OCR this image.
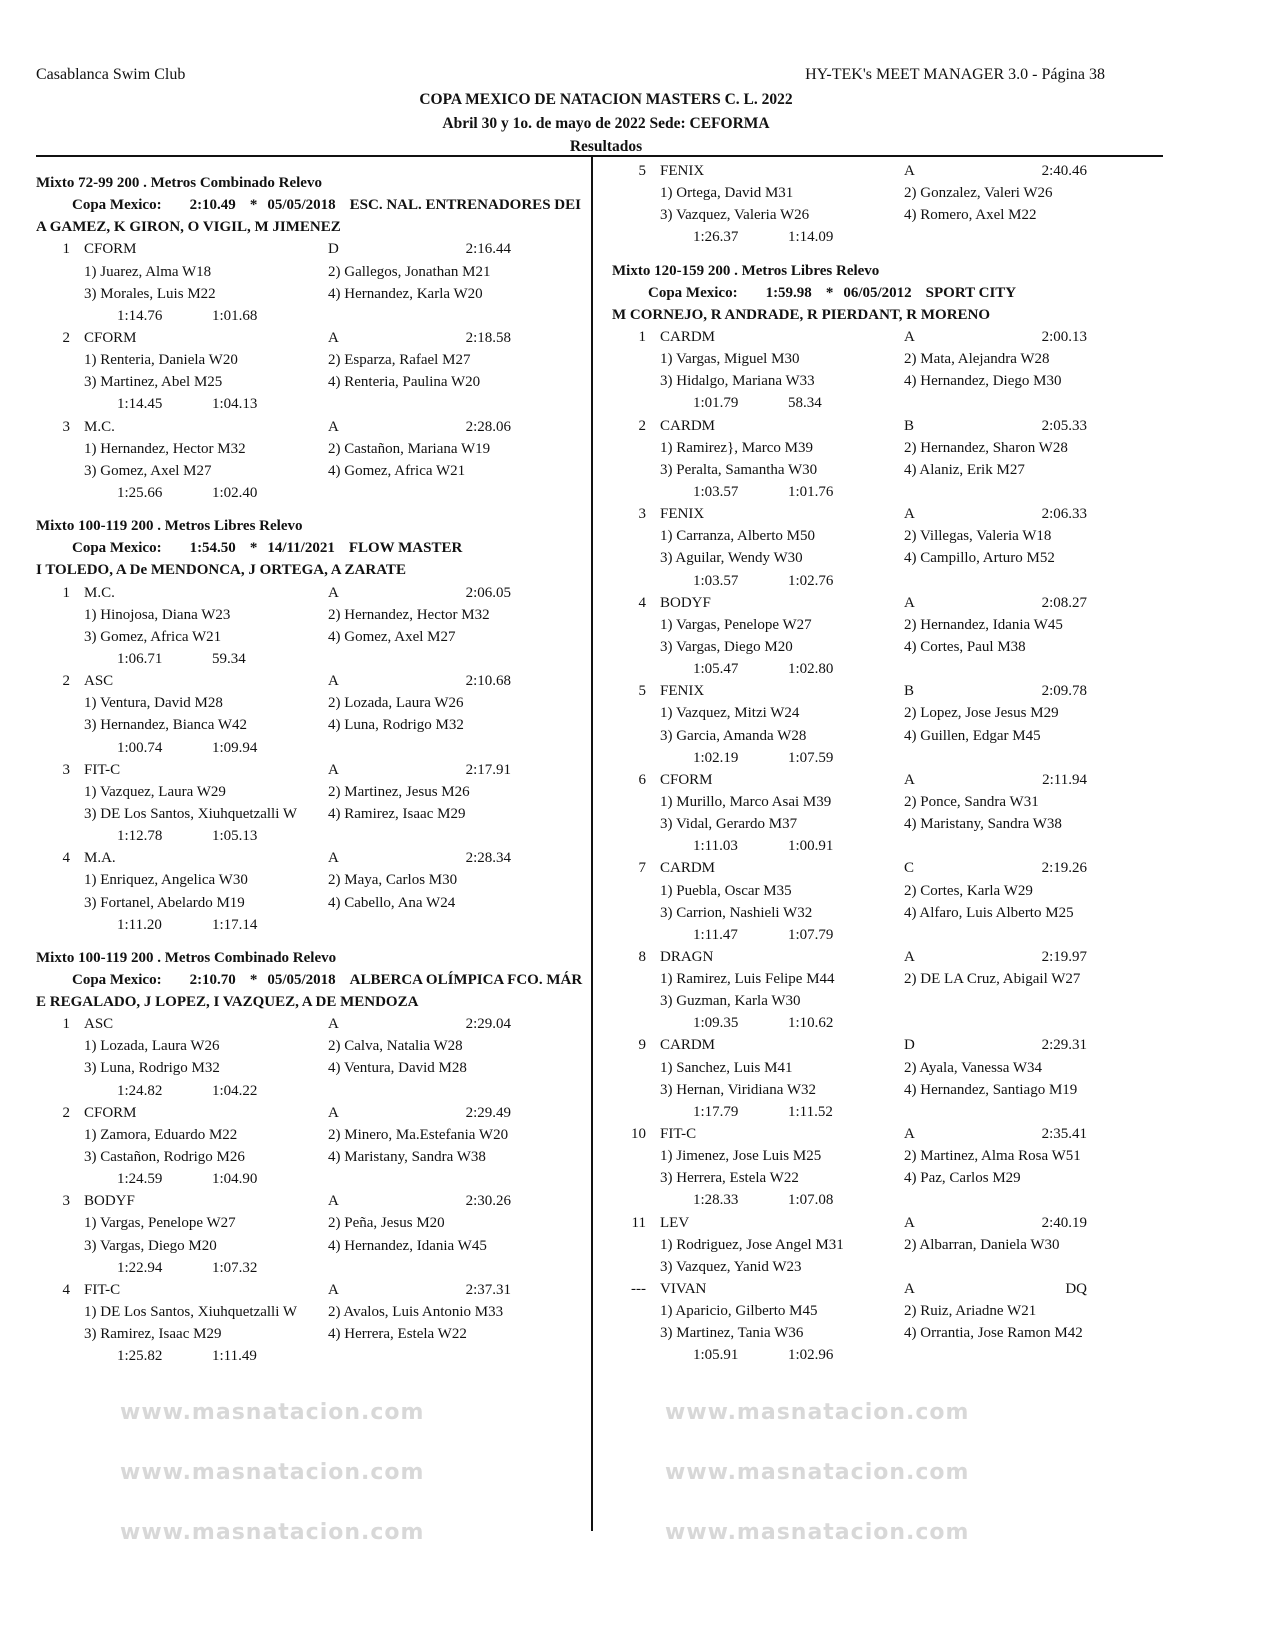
Casablanca Swim Club	HY-TEK's MEET MANAGER 3.0 - Página 38
COPA MEXICO DE NATACION MASTERS C. L. 2022
Abril 30 y 1o. de mayo de 2022 Sede: CEFORMA
Resultados
www.masnatacion.com
www.masnatacion.com
www.masnatacion.com
www.masnatacion.com
www.masnatacion.com
www.masnatacion.com
Mixto 72-99 200 . Metros Combinado Relevo
Copa Mexico: 2:10.49 * 05/05/2018 ESC. NAL. ENTRENADORES DEI
A GAMEZ, K GIRON, O VIGIL, M JIMENEZ
1 CFORM	D	2:16.44
1) Juarez, Alma W18	2) Gallegos, Jonathan M21
3) Morales, Luis M22	4) Hernandez, Karla W20
1:14.76	1:01.68
2 CFORM	A	2:18.58
1) Renteria, Daniela W20	2) Esparza, Rafael M27
3) Martinez, Abel M25	4) Renteria, Paulina W20
1:14.45	1:04.13
3 M.C.	A	2:28.06
1) Hernandez, Hector M32	2) Castañon, Mariana W19
3) Gomez, Axel M27	4) Gomez, Africa W21
1:25.66	1:02.40
Mixto 100-119 200 . Metros Libres Relevo
Copa Mexico: 1:54.50 * 14/11/2021 FLOW MASTER
I TOLEDO, A De MENDONCA, J ORTEGA, A ZARATE
1 M.C.	A	2:06.05
1) Hinojosa, Diana W23	2) Hernandez, Hector M32
3) Gomez, Africa W21	4) Gomez, Axel M27
1:06.71	59.34
2 ASC	A	2:10.68
1) Ventura, David M28	2) Lozada, Laura W26
3) Hernandez, Bianca W42	4) Luna, Rodrigo M32
1:00.74	1:09.94
3 FIT-C	A	2:17.91
1) Vazquez, Laura W29	2) Martinez, Jesus M26
3) DE Los Santos, Xiuhquetzalli W 4) Ramirez, Isaac M29
1:12.78	1:05.13
4 M.A.	A	2:28.34
1) Enriquez, Angelica W30	2) Maya, Carlos M30
3) Fortanel, Abelardo M19	4) Cabello, Ana W24
1:11.20	1:17.14
Mixto 100-119 200 . Metros Combinado Relevo
Copa Mexico: 2:10.70 * 05/05/2018 ALBERCA OLÍMPICA FCO. MÁR
E REGALADO, J LOPEZ, I VAZQUEZ, A DE MENDOZA
1 ASC	A	2:29.04
1) Lozada, Laura W26	2) Calva, Natalia W28
3) Luna, Rodrigo M32	4) Ventura, David M28
1:24.82	1:04.22
2 CFORM	A	2:29.49
1) Zamora, Eduardo M22	2) Minero, Ma.Estefania W20
3) Castañon, Rodrigo M26	4) Maristany, Sandra W38
1:24.59	1:04.90
3 BODYF	A	2:30.26
1) Vargas, Penelope W27	2) Peña, Jesus M20
3) Vargas, Diego M20	4) Hernandez, Idania W45
1:22.94	1:07.32
4 FIT-C	A	2:37.31
1) DE Los Santos, Xiuhquetzalli W 2) Avalos, Luis Antonio M33
3) Ramirez, Isaac M29	4) Herrera, Estela W22
1:25.82	1:11.49
5 FENIX	A	2:40.46
1) Ortega, David M31	2) Gonzalez, Valeri W26
3) Vazquez, Valeria W26	4) Romero, Axel M22
1:26.37	1:14.09
Mixto 120-159 200 . Metros Libres Relevo
Copa Mexico: 1:59.98 * 06/05/2012 SPORT CITY
M CORNEJO, R ANDRADE, R PIERDANT, R MORENO
1 CARDM	A	2:00.13
1) Vargas, Miguel M30	2) Mata, Alejandra W28
3) Hidalgo, Mariana W33	4) Hernandez, Diego M30
1:01.79	58.34
2 CARDM	B	2:05.33
1) Ramirez}, Marco M39	2) Hernandez, Sharon W28
3) Peralta, Samantha W30	4) Alaniz, Erik M27
1:03.57	1:01.76
3 FENIX	A	2:06.33
1) Carranza, Alberto M50	2) Villegas, Valeria W18
3) Aguilar, Wendy W30	4) Campillo, Arturo M52
1:03.57	1:02.76
4 BODYF	A	2:08.27
1) Vargas, Penelope W27	2) Hernandez, Idania W45
3) Vargas, Diego M20	4) Cortes, Paul M38
1:05.47	1:02.80
5 FENIX	B	2:09.78
1) Vazquez, Mitzi W24	2) Lopez, Jose Jesus M29
3) Garcia, Amanda W28	4) Guillen, Edgar M45
1:02.19	1:07.59
6 CFORM	A	2:11.94
1) Murillo, Marco Asai M39	2) Ponce, Sandra W31
3) Vidal, Gerardo M37	4) Maristany, Sandra W38
1:11.03	1:00.91
7 CARDM	C	2:19.26
1) Puebla, Oscar M35	2) Cortes, Karla W29
3) Carrion, Nashieli W32	4) Alfaro, Luis Alberto M25
1:11.47	1:07.79
8 DRAGN	A	2:19.97
1) Ramirez, Luis Felipe M44	2) DE LA Cruz, Abigail W27
3) Guzman, Karla W30
1:09.35	1:10.62
9 CARDM	D	2:29.31
1) Sanchez, Luis M41	2) Ayala, Vanessa W34
3) Hernan, Viridiana W32	4) Hernandez, Santiago M19
1:17.79	1:11.52
10 FIT-C	A	2:35.41
1) Jimenez, Jose Luis M25	2) Martinez, Alma Rosa W51
3) Herrera, Estela W22	4) Paz, Carlos M29
1:28.33	1:07.08
11 LEV	A	2:40.19
1) Rodriguez, Jose Angel M31	2) Albarran, Daniela W30
3) Vazquez, Yanid W23
--- VIVAN	A	DQ
1) Aparicio, Gilberto M45	2) Ruiz, Ariadne W21
3) Martinez, Tania W36	4) Orrantia, Jose Ramon M42
1:05.91	1:02.96
